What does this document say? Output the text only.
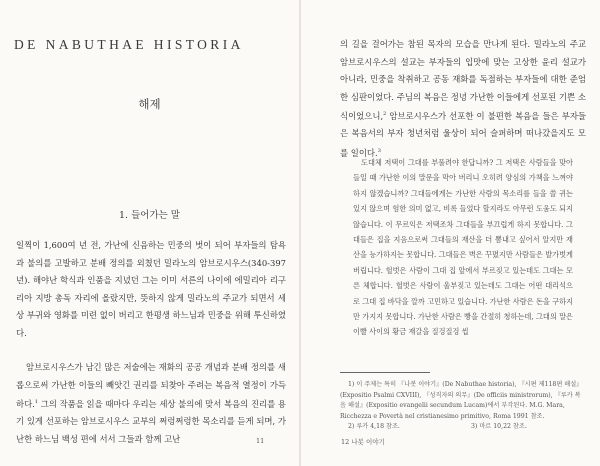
DE NABUTHAE HISTORIA
해제
1. 들어가는 말

일찍이 1,600여 년 전, 가난에 신음하는 민중의 벗이 되어 부자들의 탐욕과 불의를 고발하고 분배 정의를 외쳤던 밀라노의 암브로시우스(340-397년). 해야난 학식과 인품을 지녔던 그는 이미 서른의 나이에 에밀리아 리구리아 지방 총독 자리에 올랐지만, 뜻하지 않게 밀라노의 주교가 되면서 세상 부귀와 영화를 미련 없이 버리고 한평생 하느님과 민중을 위해 투신하였다.

암브로시우스가 남긴 많은 저술에는 재화의 공공 개념과 분배 정의를 새롭으로써 가난한 이들의 빼앗긴 권리를 되찾아 주려는 복음적 열정이 가득하다.$^1$ 그의 작품을 읽을 때마다 우리는 세상 불의에 맞서 복음의 진리를 용기 있게 선포하는 암브로시우스 교부의 쩌렁쩌렁한 목소리를 듣게 되며, 가난한 하느님 백성 편에 서서 그들과 함께 고난	11

의 길을 걸어가는 참된 목자의 모습을 만나게 된다. 밀라노의 주교 암브로시우스의 설교는 부자들의 입맛에 맞는 고상한 윤리 설교가 아니라, 민중을 착취하고 공동 재화를 독점하는 부자들에 대한 준엄한 심판이었다. 주님의 복음은 정녕 가난한 이들에게 선포된 기쁜 소식이었으니,$^2$ 암브로시우스가 선포한 이 불편한 복음을 들은 부자들은 복음서의 부자 청년처럼 울상이 되어 슬퍼하며 떠나갔을지도 모를 일이다.$^3$

도대체 저택이 그대를 부풀려야 한답니까? 그 저택은 사람들을 맞아들일 때 가난한 이의 말문을 막아 버리니 오히려 양심의 가책을 느껴야 하지 않겠습니까? 그대들에게는 가난한 사람의 목소리를 들을 쓸 귀는 있지 않으며 험한 의미 없고, 비록 들었다 할지라도 아무런 도움도 되지 않습니다. 이 무르익은 저택조차 그대들을 부끄럽게 하지 못합니다. 그대들은 집을 지음으로써 그대들의 재산을 더 뽐내고 싶어서 알지만 재산을 능가하지는 못합니다. 그대들은 벽은 꾸몄지만 사람들은 발가벗게 버립니다. 헐벗은 사람이 그대 집 앞에서 부르짖고 있는데도 그대는 모른 체합니다. 헐벗은 사람이 울부짖고 있는데도 그대는 어떤 대리석으로 그대 집 바닥을 깔까 고민하고 있습니다. 가난한 사람은 돈을 구하지만 가지지 못합니다. 가난한 사람은 빵을 간절히 청하는데, 그대의 말은 이빨 사이의 황금 재갈을 질겅질겅 씹

1) 이 주제는 특히 『나봇 이야기』(De Nabuthae historia), 『시편 제118편 해설』(Expositio Psalmi CXVIII), 『성직자의 의무』(De officiis ministrorum), 『루카 복음 해설』(Expositio evangelii secundum Lucam)에서 부각된다. M.G. Mara, Ricchezza e Povertà nel cristianesimo primitivo, Roma 1991 참조.

2) 루카 4,18 참조.	3) 마르 10,22 참조.

12 나봇 이야기
